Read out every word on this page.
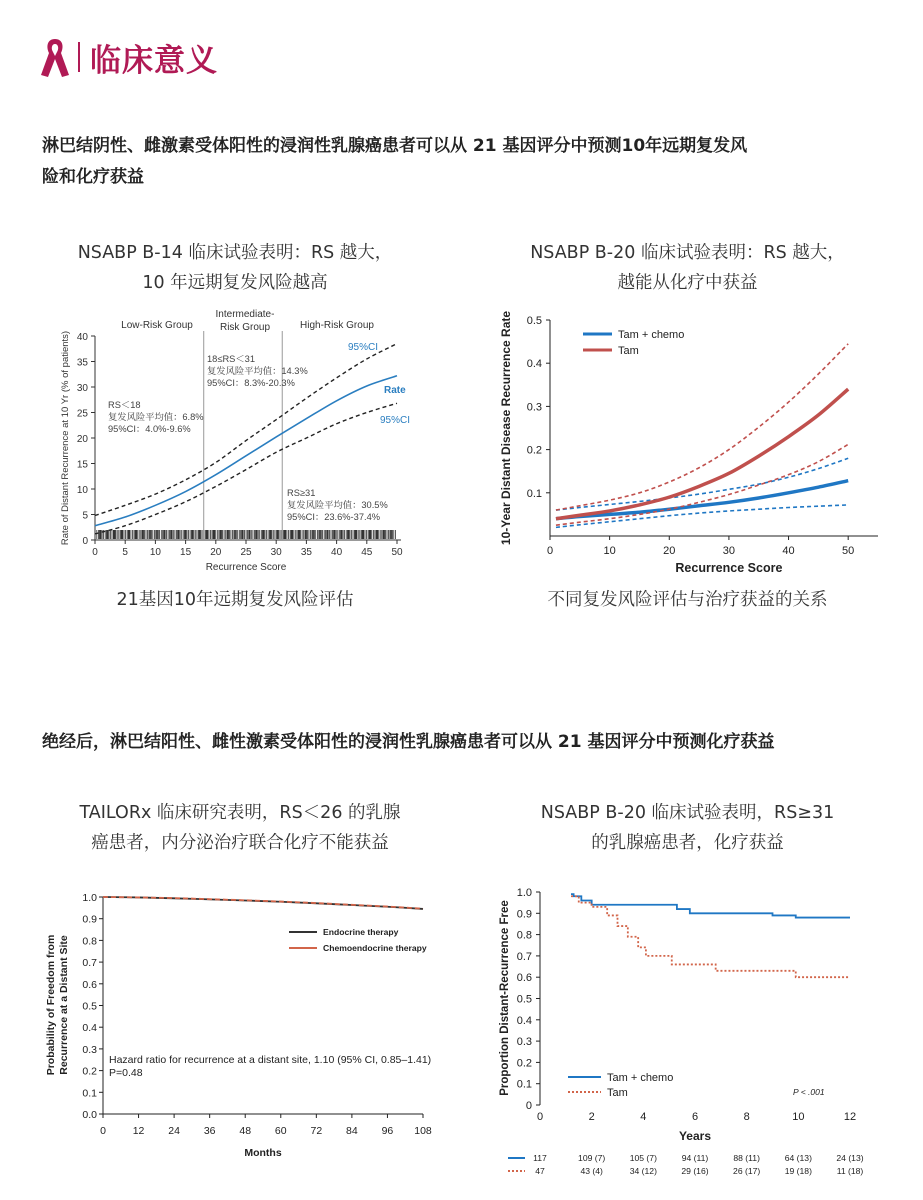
临床意义
淋巴结阴性、雌激素受体阳性的浸润性乳腺癌患者可以从 21 基因评分中预测10年远期复发风
险和化疗获益
NSABP B-14 临床试验表明：RS 越大，
10 年远期复发风险越高
21基因10年远期复发风险评估
NSABP B-20 临床试验表明：RS 越大，
越能从化疗中获益
不同复发风险评估与治疗获益的关系
绝经后，淋巴结阳性、雌性激素受体阳性的浸润性乳腺癌患者可以从 21 基因评分中预测化疗获益
TAILORx 临床研究表明，RS＜26 的乳腺
癌患者，内分泌治疗联合化疗不能获益
NSABP B-20 临床试验表明，RS≥31
的乳腺癌患者，化疗获益
0
5
10
15
20
25
30
35
40
0 5 10 15 20 25 30 35 40 45 50
Low-Risk Group
Intermediate-
Risk Group	High-Risk Group
Rate
95%CI
95%CI
RS＜18
复发风险平均值：6.8%
95%CI：4.0%-9.6%
18≤RS＜31
复发风险平均值：14.3%
95%CI：8.3%-20.3%
RS≥31
复发风险平均值：30.5%
95%CI：23.6%-37.4%
Recurrence Score
Rate of Distant Recurrence at 10 Yr (% of patients)	0.1
0.2
0.3
0.4
0.5
0	10	20	30	40	50
Tam + chemo
Tam
Recurrence Score
10-Year Distant Disease Recurrence Rate
0.0
0.1
0.2
0.3
0.4
0.5
0.6
0.7
0.8
0.9
1.0
0	12 24 36 48 60 72 84 96 108
Endocrine therapy
Chemoendocrine therapy
Hazard ratio for recurrence at a distant site, 1.10 (95% CI, 0.85–1.41)
P=0.48
Months
Probability of Freedom from Recurrence at a Distant Site
0
0.1
0.2
0.3
0.4
0.5
0.6
0.7
0.8
0.9
1.0
0	2	4	6	8	10	12
Tam + chemo
117	109 (7)	105 (7)	94 (11)	88 (11)	64 (13)	24 (13)
Tam
47	43 (4)	34 (12)	29 (16)	26 (17)	19 (18)	11 (18)
P < .001
Years
Proportion Distant-Recurrence Free
